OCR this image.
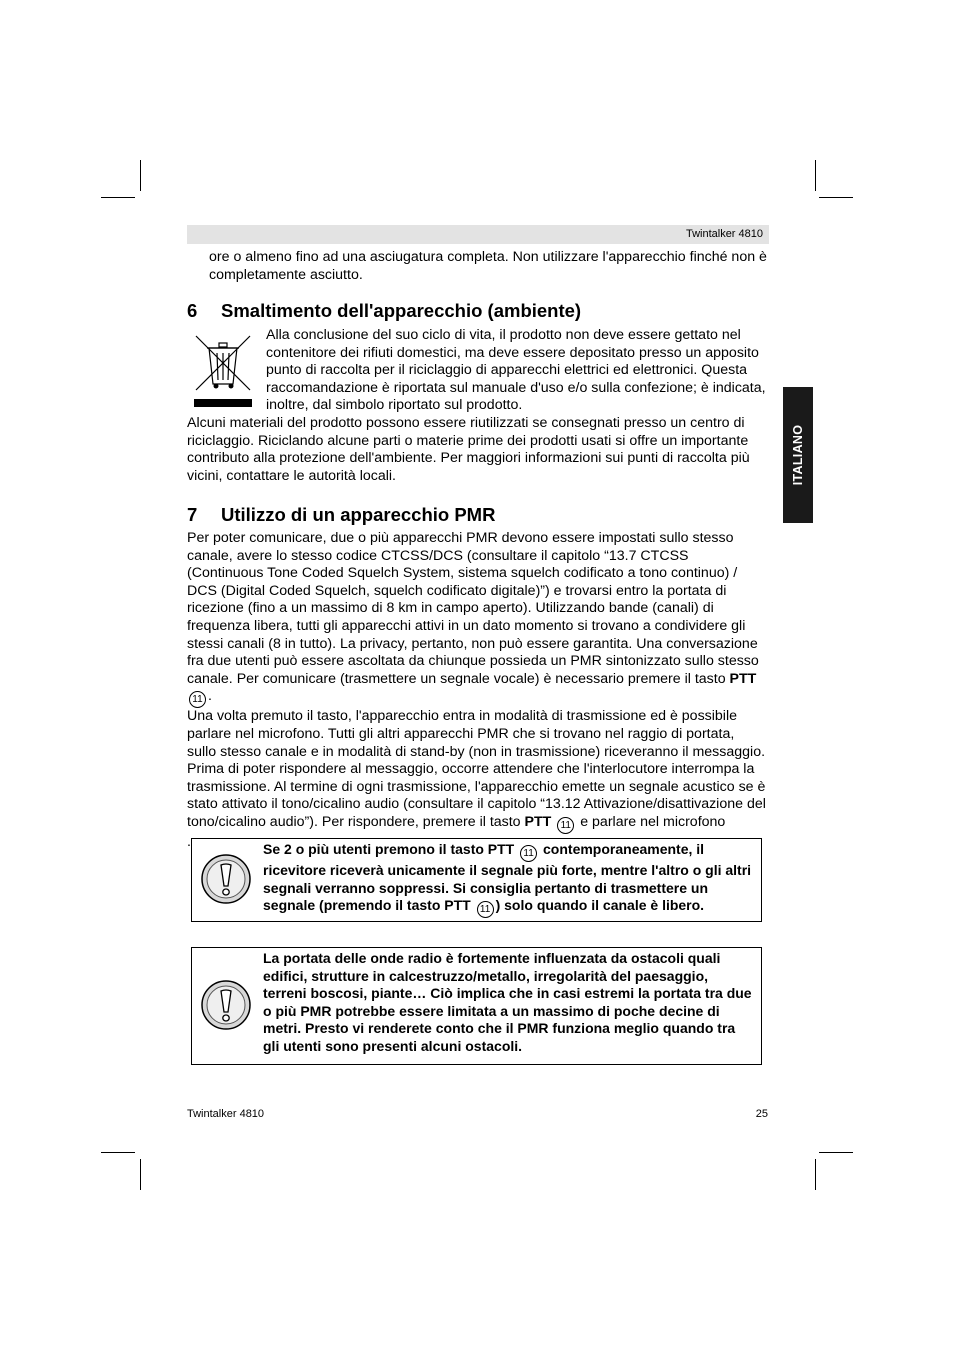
Twintalker 4810
ITALIANO

ore o almeno fino ad una asciugatura completa. Non utilizzare l'apparecchio finché non è completamente asciutto.

6 Smaltimento dell'apparecchio (ambiente)

Alla conclusione del suo ciclo di vita, il prodotto non deve essere gettato nel

contenitore dei rifiuti domestici, ma deve essere depositato presso un apposito

punto di raccolta per il riciclaggio di apparecchi elettrici ed elettronici. Questa

raccomandazione è riportata sul manuale d'uso e/o sulla confezione; è indicata,

inoltre, dal simbolo riportato sul prodotto.

Alcuni materiali del prodotto possono essere riutilizzati se consegnati presso un centro di riciclaggio. Riciclando alcune parti o materie prime dei prodotti usati si offre un importante contributo alla protezione dell'ambiente. Per maggiori informazioni sui punti di raccolta più vicini, contattare le autorità locali.

7 Utilizzo di un apparecchio PMR

Per poter comunicare, due o più apparecchi PMR devono essere impostati sullo stesso canale, avere lo stesso codice CTCSS/DCS (consultare il capitolo “13.7 CTCSS (Continuous Tone Coded Squelch System, sistema squelch codificato a tono continuo) / DCS (Digital Coded Squelch, squelch codificato digitale)”) e trovarsi entro la portata di ricezione (fino a un massimo di 8 km in campo aperto). Utilizzando bande (canali) di frequenza libera, tutti gli apparecchi attivi in un dato momento si trovano a condividere gli stessi canali (8 in tutto). La privacy, pertanto, non può essere garantita. Una conversazione fra due utenti può essere ascoltata da chiunque possieda un PMR sintonizzato sullo stesso canale. Per comunicare (trasmettere un segnale vocale) è necessario premere il tasto PTT 11 .

Una volta premuto il tasto, l'apparecchio entra in modalità di trasmissione ed è possibile parlare nel microfono. Tutti gli altri apparecchi PMR che si trovano nel raggio di portata, sullo stesso canale e in modalità di stand-by (non in trasmissione) riceveranno il messaggio. Prima di poter rispondere al messaggio, occorre attendere che l'interlocutore interrompa la trasmissione. Al termine di ogni trasmissione, l'apparecchio emette un segnale acustico se è stato attivato il tono/cicalino audio (consultare il capitolo “13.12 Attivazione/disattivazione del tono/cicalino audio”). Per rispondere, premere il tasto PTT 11 e parlare nel microfono

.	Se 2 o più utenti premono il tasto PTT 11 contemporaneamente, il ricevitore riceverà unicamente il segnale più forte, mentre l'altro o gli altri segnali verranno soppressi. Si consiglia pertanto di trasmettere un segnale (premendo il tasto PTT 11 ) solo quando il canale è libero.

La portata delle onde radio è fortemente influenzata da ostacoli quali edifici, strutture in calcestruzzo/metallo, irregolarità del paesaggio, terreni boscosi, piante… Ciò implica che in casi estremi la portata tra due o più PMR potrebbe essere limitata a un massimo di poche decine di metri. Presto vi renderete conto che il PMR funziona meglio quando tra gli utenti sono presenti alcuni ostacoli.

Twintalker 4810	25
